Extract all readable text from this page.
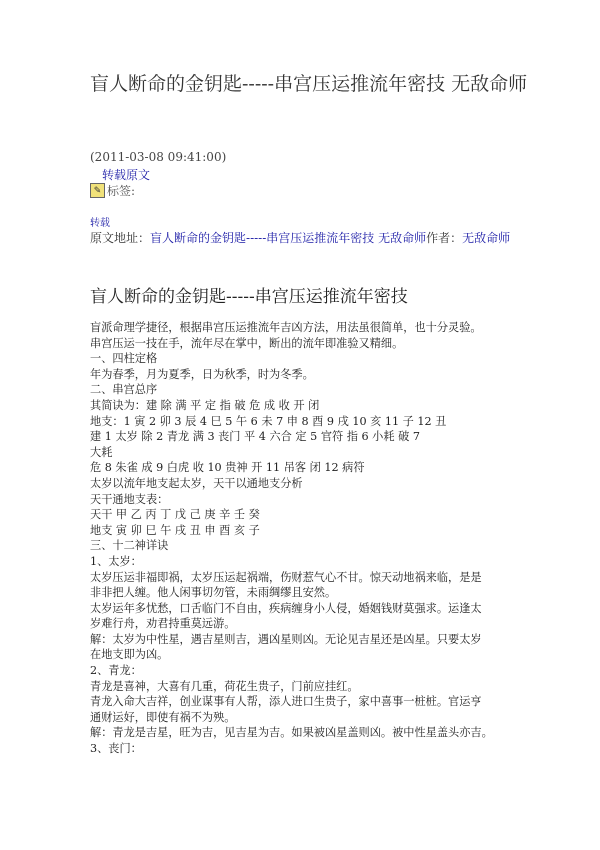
盲人断命的金钥匙-----串宫压运推流年密技 无敌命师
(2011-03-08 09:41:00)
转载原文
✎ 标签:
转载
原文地址：盲人断命的金钥匙-----串宫压运推流年密技 无敌命师作者：无敌命师
盲人断命的金钥匙-----串宫压运推流年密技
盲派命理学捷径，根据串宫压运推流年吉凶方法，用法虽很简单，也十分灵验。
串宫压运一技在手，流年尽在掌中，断出的流年即准验又精细。
一、四柱定格
年为春季，月为夏季，日为秋季，时为冬季。
二、串宫总序
其简诀为：建 除 满 平 定 指 破 危 成 收 开 闭
地支：1 寅 2 卯 3 辰 4 巳 5 午 6 未 7 申 8 酉 9 戌 10 亥 11 子 12 丑
建 1 太岁 除 2 青龙 满 3 丧门 平 4 六合 定 5 官符 指 6 小耗 破 7
大耗
危 8 朱雀 成 9 白虎 收 10 贵神 开 11 吊客 闭 12 病符
太岁以流年地支起太岁，天干以通地支分析
天干通地支表：
天干 甲 乙 丙 丁 戊 己 庚 辛 壬 癸
地支 寅 卯 巳 午 戌 丑 申 酉 亥 子
三、十二神详诀
1、太岁：
太岁压运非福即祸，太岁压运起祸端，伤财惹气心不甘。惊天动地祸来临，是是
非非把人缠。他人闲事切勿管，未雨绸缪且安然。
太岁运年多忧愁，口舌临门不自由，疾病缠身小人侵，婚姻钱财莫强求。运逢太
岁难行舟，劝君持重莫远游。
解：太岁为中性星，遇吉星则吉，遇凶星则凶。无论见吉星还是凶星。只要太岁
在地支即为凶。
2、青龙：
青龙是喜神，大喜有几重，荷花生贵子，门前应挂红。
青龙入命大吉祥，创业谋事有人帮，添人进口生贵子，家中喜事一桩桩。官运亨
通财运好，即使有祸不为殃。
解：青龙是吉星，旺为吉，见吉星为吉。如果被凶星盖则凶。被中性星盖头亦吉。
3、丧门：
